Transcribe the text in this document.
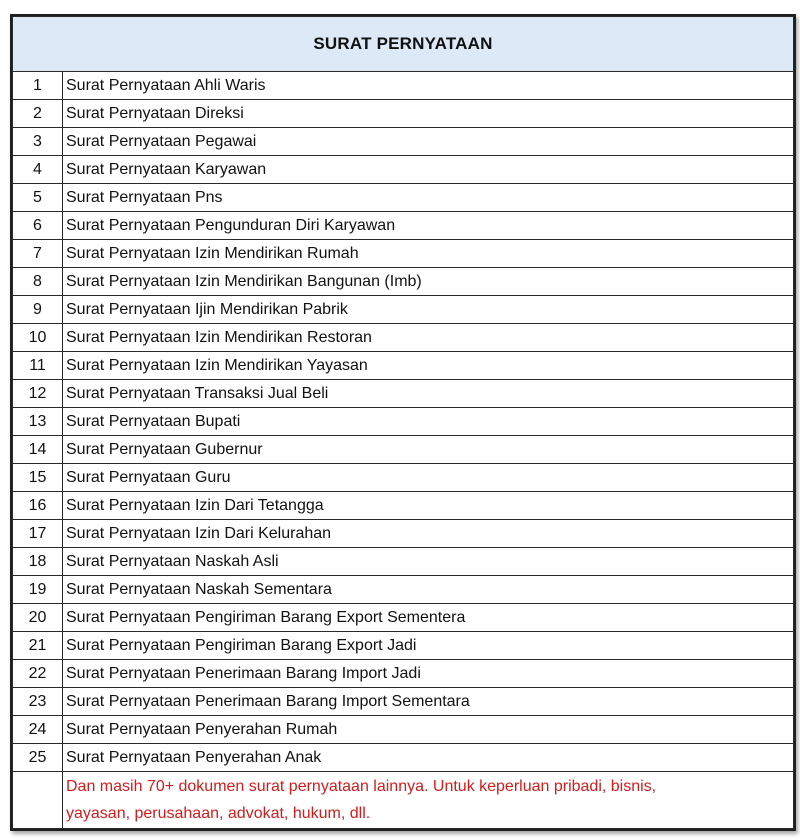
SURAT PERNYATAAN	
1	Surat Pernyataan Ahli Waris
2	Surat Pernyataan Direksi
3	Surat Pernyataan Pegawai
4	Surat Pernyataan Karyawan
5	Surat Pernyataan Pns
6	Surat Pernyataan Pengunduran Diri Karyawan
7	Surat Pernyataan Izin Mendirikan Rumah
8	Surat Pernyataan Izin Mendirikan Bangunan (Imb)
9	Surat Pernyataan Ijin Mendirikan Pabrik
10	Surat Pernyataan Izin Mendirikan Restoran
11	Surat Pernyataan Izin Mendirikan Yayasan
12	Surat Pernyataan Transaksi Jual Beli
13	Surat Pernyataan Bupati
14	Surat Pernyataan Gubernur
15	Surat Pernyataan Guru
16	Surat Pernyataan Izin Dari Tetangga
17	Surat Pernyataan Izin Dari Kelurahan
18	Surat Pernyataan Naskah Asli
19	Surat Pernyataan Naskah Sementara
20	Surat Pernyataan Pengiriman Barang Export Sementera
21	Surat Pernyataan Pengiriman Barang Export Jadi
22	Surat Pernyataan Penerimaan Barang Import Jadi
23	Surat Pernyataan Penerimaan Barang Import Sementara
24	Surat Pernyataan Penyerahan Rumah
25	Surat Pernyataan Penyerahan Anak

	Dan masih 70+ dokumen surat pernyataan lainnya. Untuk keperluan pribadi, bisnis,
yayasan, perusahaan, advokat, hukum, dll.
